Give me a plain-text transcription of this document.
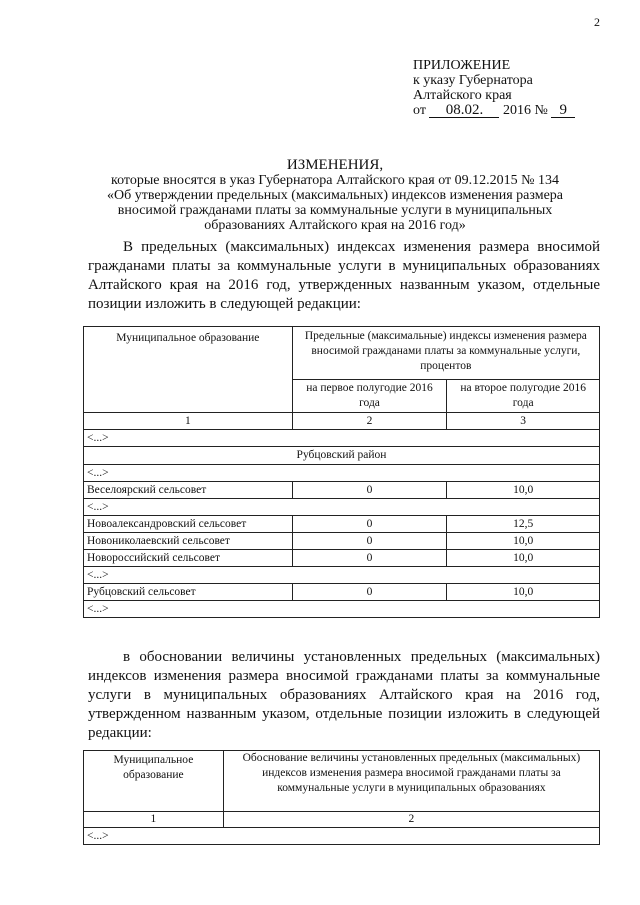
2
ПРИЛОЖЕНИЕ
к указу Губернатора
Алтайского края
от 08.02. 2016 № 9
ИЗМЕНЕНИЯ,
которые вносятся в указ Губернатора Алтайского края от 09.12.2015 № 134
«Об утверждении предельных (максимальных) индексов изменения размера
вносимой гражданами платы за коммунальные услуги в муниципальных
образованиях Алтайского края на 2016 год»
В предельных (максимальных) индексах изменения размера вносимой
гражданами платы за коммунальные услуги в муниципальных образованиях
Алтайского края на 2016 год, утвержденных названным указом, отдельные
позиции изложить в следующей редакции:
Муниципальное образование	Предельные (максимальные) индексы изменения размера вносимой гражданами платы за коммунальные услуги, процентов	
	на первое полугодие 2016 года	на второе полугодие 2016 года
1	2	3
<...>		
Рубцовский район		
<...>		
Веселоярский сельсовет	0	10,0
<...>		
Новоалександровский сельсовет	0	12,5
Новониколаевский сельсовет	0	10,0
Новороссийский сельсовет	0	10,0
<...>		
Рубцовский сельсовет	0	10,0
<...>		
в обосновании величины установленных предельных (максимальных)
индексов изменения размера вносимой гражданами платы за коммунальные
услуги в муниципальных образованиях Алтайского края на 2016 год,
утвержденном названным указом, отдельные позиции изложить в следующей
редакции:
Муниципальное образование	Обоснование величины установленных предельных (максимальных) индексов изменения размера вносимой гражданами платы за коммунальные услуги в муниципальных образованиях
1	2
<...>	
